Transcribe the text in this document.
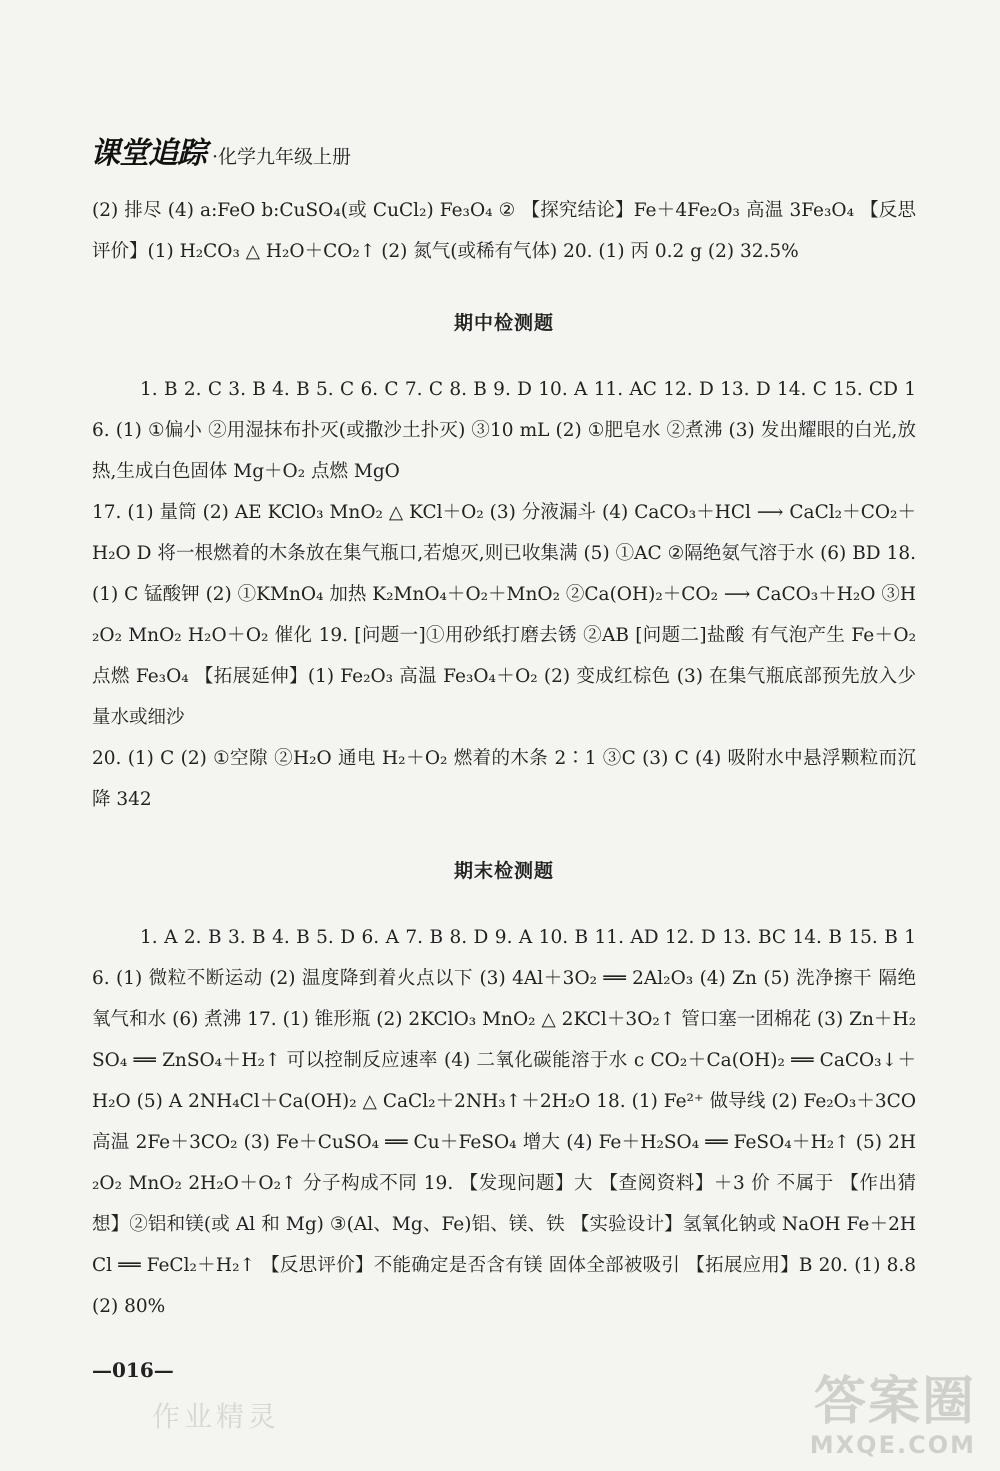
课堂追踪 ·化学九年级上册

(2) 排尽 (4) a:FeO b:CuSO₄(或 CuCl₂) Fe₃O₄ ② 【探究结论】Fe＋4Fe₂O₃ 高温 3Fe₃O₄ 【反思评价】(1) H₂CO₃ △ H₂O＋CO₂↑ (2) 氮气(或稀有气体) 20. (1) 丙 0.2 g (2) 32.5%

期中检测题

1. B 2. C 3. B 4. B 5. C 6. C 7. C 8. B 9. D 10. A 11. AC 12. D 13. D 14. C 15. CD 16. (1) ①偏小 ②用湿抹布扑灭(或撒沙土扑灭) ③10 mL (2) ①肥皂水 ②煮沸 (3) 发出耀眼的白光,放热,生成白色固体 Mg＋O₂ 点燃 MgO

17. (1) 量筒 (2) AE KClO₃ MnO₂ △ KCl＋O₂ (3) 分液漏斗 (4) CaCO₃＋HCl ⟶ CaCl₂＋CO₂＋H₂O D 将一根燃着的木条放在集气瓶口,若熄灭,则已收集满 (5) ①AC ②隔绝氨气溶于水 (6) BD 18. (1) C 锰酸钾 (2) ①KMnO₄ 加热 K₂MnO₄＋O₂＋MnO₂ ②Ca(OH)₂＋CO₂ ⟶ CaCO₃＋H₂O ③H₂O₂ MnO₂ H₂O＋O₂ 催化 19. [问题一]①用砂纸打磨去锈 ②AB [问题二]盐酸 有气泡产生 Fe＋O₂ 点燃 Fe₃O₄ 【拓展延伸】(1) Fe₂O₃ 高温 Fe₃O₄＋O₂ (2) 变成红棕色 (3) 在集气瓶底部预先放入少量水或细沙

20. (1) C (2) ①空隙 ②H₂O 通电 H₂＋O₂ 燃着的木条 2∶1 ③C (3) C (4) 吸附水中悬浮颗粒而沉降 342

期末检测题

1. A 2. B 3. B 4. B 5. D 6. A 7. B 8. D 9. A 10. B 11. AD 12. D 13. BC 14. B 15. B 16. (1) 微粒不断运动 (2) 温度降到着火点以下 (3) 4Al＋3O₂ ══ 2Al₂O₃ (4) Zn (5) 洗净擦干 隔绝氧气和水 (6) 煮沸 17. (1) 锥形瓶 (2) 2KClO₃ MnO₂ △ 2KCl＋3O₂↑ 管口塞一团棉花 (3) Zn＋H₂SO₄ ══ ZnSO₄＋H₂↑ 可以控制反应速率 (4) 二氧化碳能溶于水 c CO₂＋Ca(OH)₂ ══ CaCO₃↓＋H₂O (5) A 2NH₄Cl＋Ca(OH)₂ △ CaCl₂＋2NH₃↑＋2H₂O 18. (1) Fe²⁺ 做导线 (2) Fe₂O₃＋3CO 高温 2Fe＋3CO₂ (3) Fe＋CuSO₄ ══ Cu＋FeSO₄ 增大 (4) Fe＋H₂SO₄ ══ FeSO₄＋H₂↑ (5) 2H₂O₂ MnO₂ 2H₂O＋O₂↑ 分子构成不同 19. 【发现问题】大 【查阅资料】＋3 价 不属于 【作出猜想】②铝和镁(或 Al 和 Mg) ③(Al、Mg、Fe)铝、镁、铁 【实验设计】氢氧化钠或 NaOH Fe＋2HCl ══ FeCl₂＋H₂↑ 【反思评价】不能确定是否含有镁 固体全部被吸引 【拓展应用】B 20. (1) 8.8 (2) 80%

—016—
作业精灵	答案圈
MXQE.COM
